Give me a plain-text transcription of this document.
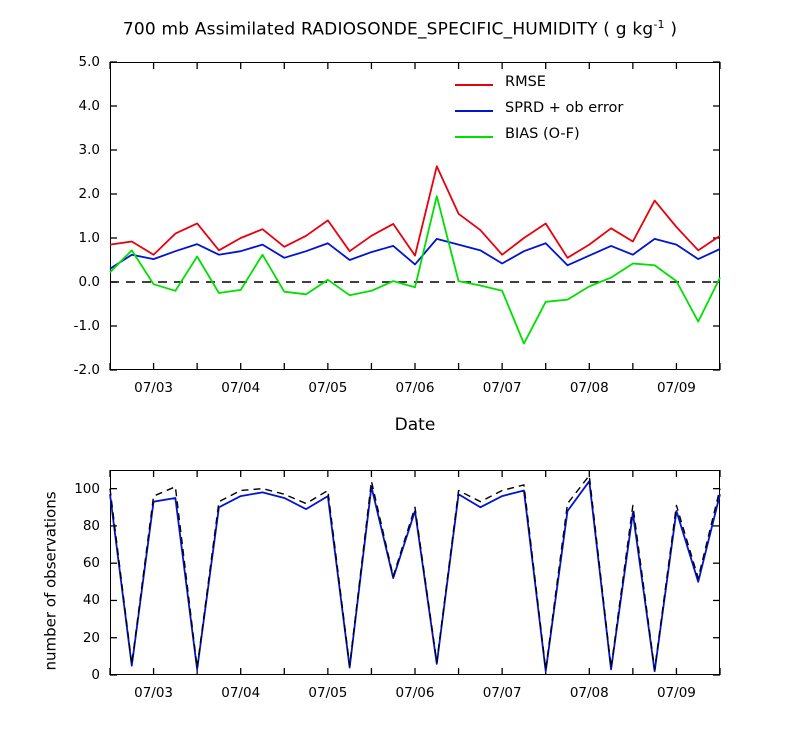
700 mb Assimilated RADIOSONDE_SPECIFIC_HUMIDITY ( g $kg^{-1}$ )
5.0
4.0
3.0
2.0
1.0
0.0
-1.0
-2.0
07/03	07/04	07/05	07/06	07/07	07/08	07/09
RMSE
SPRD + ob error
BIAS (O-F)
Date
100
80
60
40
20
0
07/03	07/04	07/05	07/06	07/07	07/08	07/09
number of observations
